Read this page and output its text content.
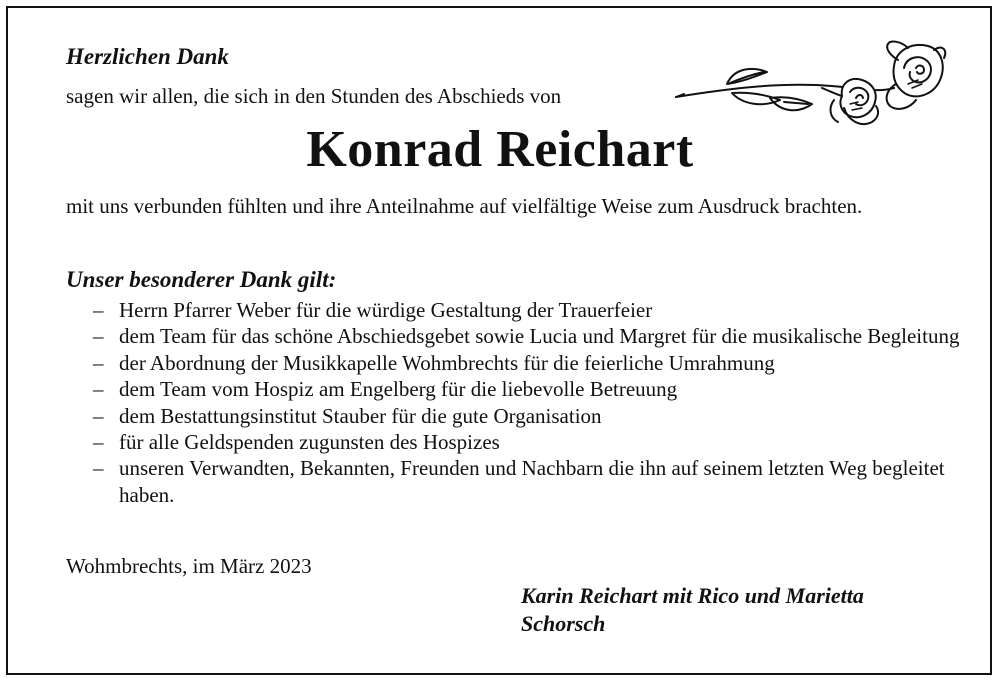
Herzlichen Dank
sagen wir allen, die sich in den Stunden des Abschieds von
Konrad Reichart
mit uns verbunden fühlten und ihre Anteilnahme auf vielfältige Weise zum Ausdruck brachten.
Unser besonderer Dank gilt:
– Herrn Pfarrer Weber für die würdige Gestaltung der Trauerfeier
– dem Team für das schöne Abschiedsgebet sowie Lucia und Margret für die musikalische Begleitung
– der Abordnung der Musikkapelle Wohmbrechts für die feierliche Umrahmung
– dem Team vom Hospiz am Engelberg für die liebevolle Betreuung
– dem Bestattungsinstitut Stauber für die gute Organisation
– für alle Geldspenden zugunsten des Hospizes
– unseren Verwandten, Bekannten, Freunden und Nachbarn die ihn auf seinem letzten Weg begleitet haben.
Wohmbrechts, im März 2023
Karin Reichart mit Rico und Marietta Schorsch
